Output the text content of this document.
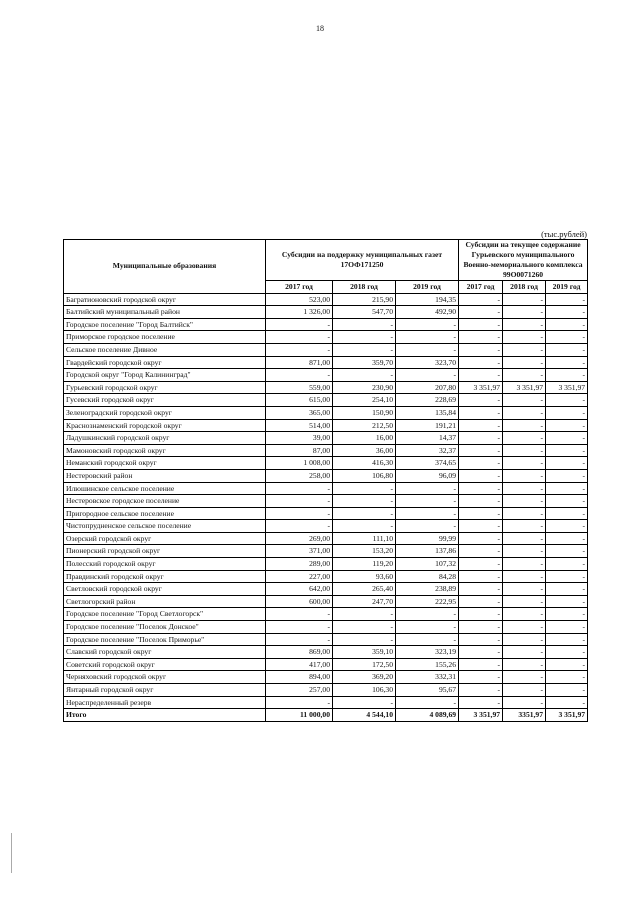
18
(тыс.рублей)
Муниципальные образования	Субсидии на поддержку муниципальных газет 17ОФ171250			Субсидии на текущее содержание Гурьевского муниципального Военно-мемориального комплекса 99О0071260		
	2017 год	2018 год	2019 год	2017 год	2018 год	2019 год
Багратионовский городской округ	523,00	215,90	194,35	-	-	-
Балтийский муниципальный район	1 326,00	547,70	492,90	-	-	-
Городское поселение "Город Балтийск"	-	-	-	-	-	-
Приморское городское поселение	-	-	-	-	-	-
Сельское поселение Дивное	-	-	-	-	-	-
Гвардейский городской округ	871,00	359,70	323,70	-	-	-
Городской округ "Город Калининград"	-	-	-	-	-	-
Гурьевский городской округ	559,00	230,90	207,80	3 351,97	3 351,97	3 351,97
Гусевский городской округ	615,00	254,10	228,69	-	-	-
Зеленоградский городской округ	365,00	150,90	135,84	-	-	-
Краснознаменский городской округ	514,00	212,50	191,21	-	-	-
Ладушкинский городской округ	39,00	16,00	14,37	-	-	-
Мамоновский городской округ	87,00	36,00	32,37	-	-	-
Неманский городской округ	1 008,00	416,30	374,65	-	-	-
Нестеровский район	258,00	106,80	96,09	-	-	-
Илюшинское сельское поселение	-	-	-	-	-	-
Нестеровское городское поселение	-	-	-	-	-	-
Пригородное сельское поселение	-	-	-	-	-	-
Чистопрудненское сельское поселение	-	-	-	-	-	-
Озерский городской округ	269,00	111,10	99,99	-	-	-
Пионерский городской округ	371,00	153,20	137,86	-	-	-
Полесский городской округ	289,00	119,20	107,32	-	-	-
Правдинский городской округ	227,00	93,60	84,28	-	-	-
Светловский городской округ	642,00	265,40	238,89	-	-	-
Светлогорский район	600,00	247,70	222,95	-	-	-
Городское поселение "Город Светлогорск"	-	-	-	-	-	-
Городское поселение "Поселок Донское"	-	-	-	-	-	-
Городское поселение "Поселок Приморье"	-	-	-	-	-	-
Славский городской округ	869,00	359,10	323,19	-	-	-
Советский городской округ	417,00	172,50	155,26	-	-	-
Черняховский городской округ	894,00	369,20	332,31	-	-	-
Янтарный городской округ	257,00	106,30	95,67	-	-	-
Нераспределенный резерв	-	-	-	-	-	-
Итого	11 000,00	4 544,10	4 089,69	3 351,97	3351,97	3 351,97
